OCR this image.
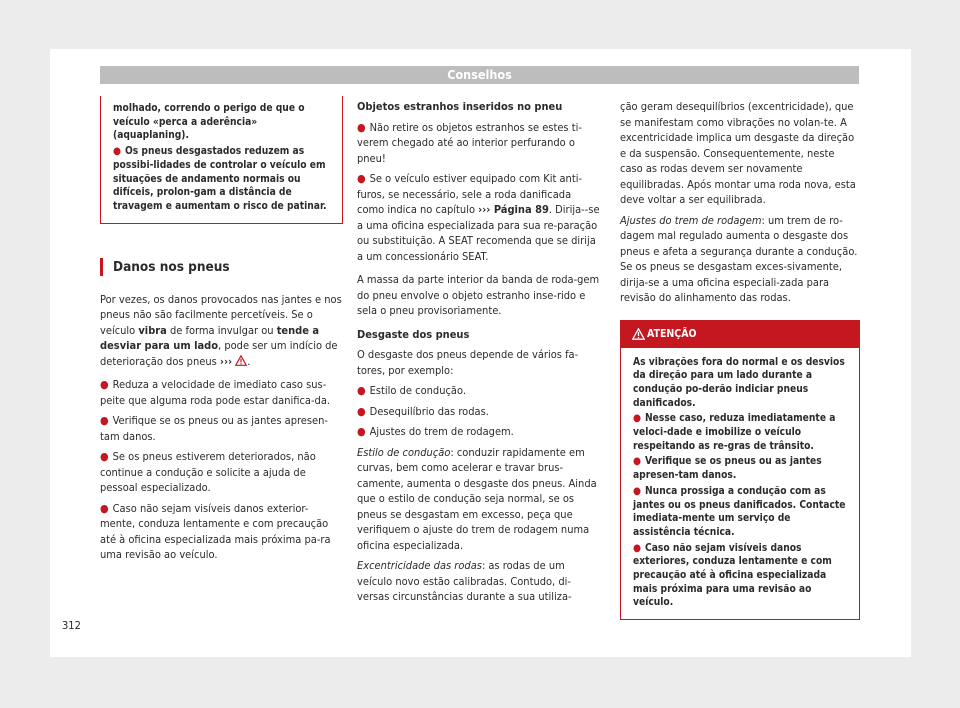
Conselhos

molhado, correndo o perigo de que o veículo «perca a aderência» (aquaplaning).

● Os pneus desgastados reduzem as possibi-lidades de controlar o veículo em situações de andamento normais ou difíceis, prolon-gam a distância de travagem e aumentam o risco de patinar.

Danos nos pneus

Por vezes, os danos provocados nas jantes e nos pneus não são facilmente percetíveis. Se o veículo vibra de forma invulgar ou tende a desviar para um lado, pode ser um indício de deterioração dos pneus ››› .

● Reduza a velocidade de imediato caso sus-peite que alguma roda pode estar danifica-da.

● Verifique se os pneus ou as jantes apresen-tam danos.

● Se os pneus estiverem deteriorados, não continue a condução e solicite a ajuda de pessoal especializado.

● Caso não sejam visíveis danos exterior-mente, conduza lentamente e com precaução até à oficina especializada mais próxima pa-ra uma revisão ao veículo.

Objetos estranhos inseridos no pneu

● Não retire os objetos estranhos se estes ti-verem chegado até ao interior perfurando o pneu!

● Se o veículo estiver equipado com Kit anti-furos, se necessário, sele a roda danificada como indica no capítulo ››› Página 89. Dirija--se a uma oficina especializada para sua re-paração ou substituição. A SEAT recomenda que se dirija a um concessionário SEAT.

A massa da parte interior da banda de roda-gem do pneu envolve o objeto estranho inse-rido e sela o pneu provisoriamente.

Desgaste dos pneus

O desgaste dos pneus depende de vários fa-tores, por exemplo:

● Estilo de condução.

● Desequilíbrio das rodas.

● Ajustes do trem de rodagem.

Estilo de condução: conduzir rapidamente em curvas, bem como acelerar e travar brus-camente, aumenta o desgaste dos pneus. Ainda que o estilo de condução seja normal, se os pneus se desgastam em excesso, peça que verifiquem o ajuste do trem de rodagem numa oficina especializada.

Excentricidade das rodas: as rodas de um veículo novo estão calibradas. Contudo, di-versas circunstâncias durante a sua utiliza-

ção geram desequilíbrios (excentricidade), que se manifestam como vibrações no volan-te. A excentricidade implica um desgaste da direção e da suspensão. Consequentemente, neste caso as rodas devem ser novamente equilibradas. Após montar uma roda nova, esta deve voltar a ser equilibrada.

Ajustes do trem de rodagem: um trem de ro-dagem mal regulado aumenta o desgaste dos pneus e afeta a segurança durante a condução. Se os pneus se desgastam exces-sivamente, dirija-se a uma oficina especiali-zada para revisão do alinhamento das rodas.

ATENÇÃO

As vibrações fora do normal e os desvios da direção para um lado durante a condução po-derão indiciar pneus danificados.

● Nesse caso, reduza imediatamente a veloci-dade e imobilize o veículo respeitando as re-gras de trânsito.

● Verifique se os pneus ou as jantes apresen-tam danos.

● Nunca prossiga a condução com as jantes ou os pneus danificados. Contacte imediata-mente um serviço de assistência técnica.

● Caso não sejam visíveis danos exteriores, conduza lentamente e com precaução até à oficina especializada mais próxima para uma revisão ao veículo.

312
